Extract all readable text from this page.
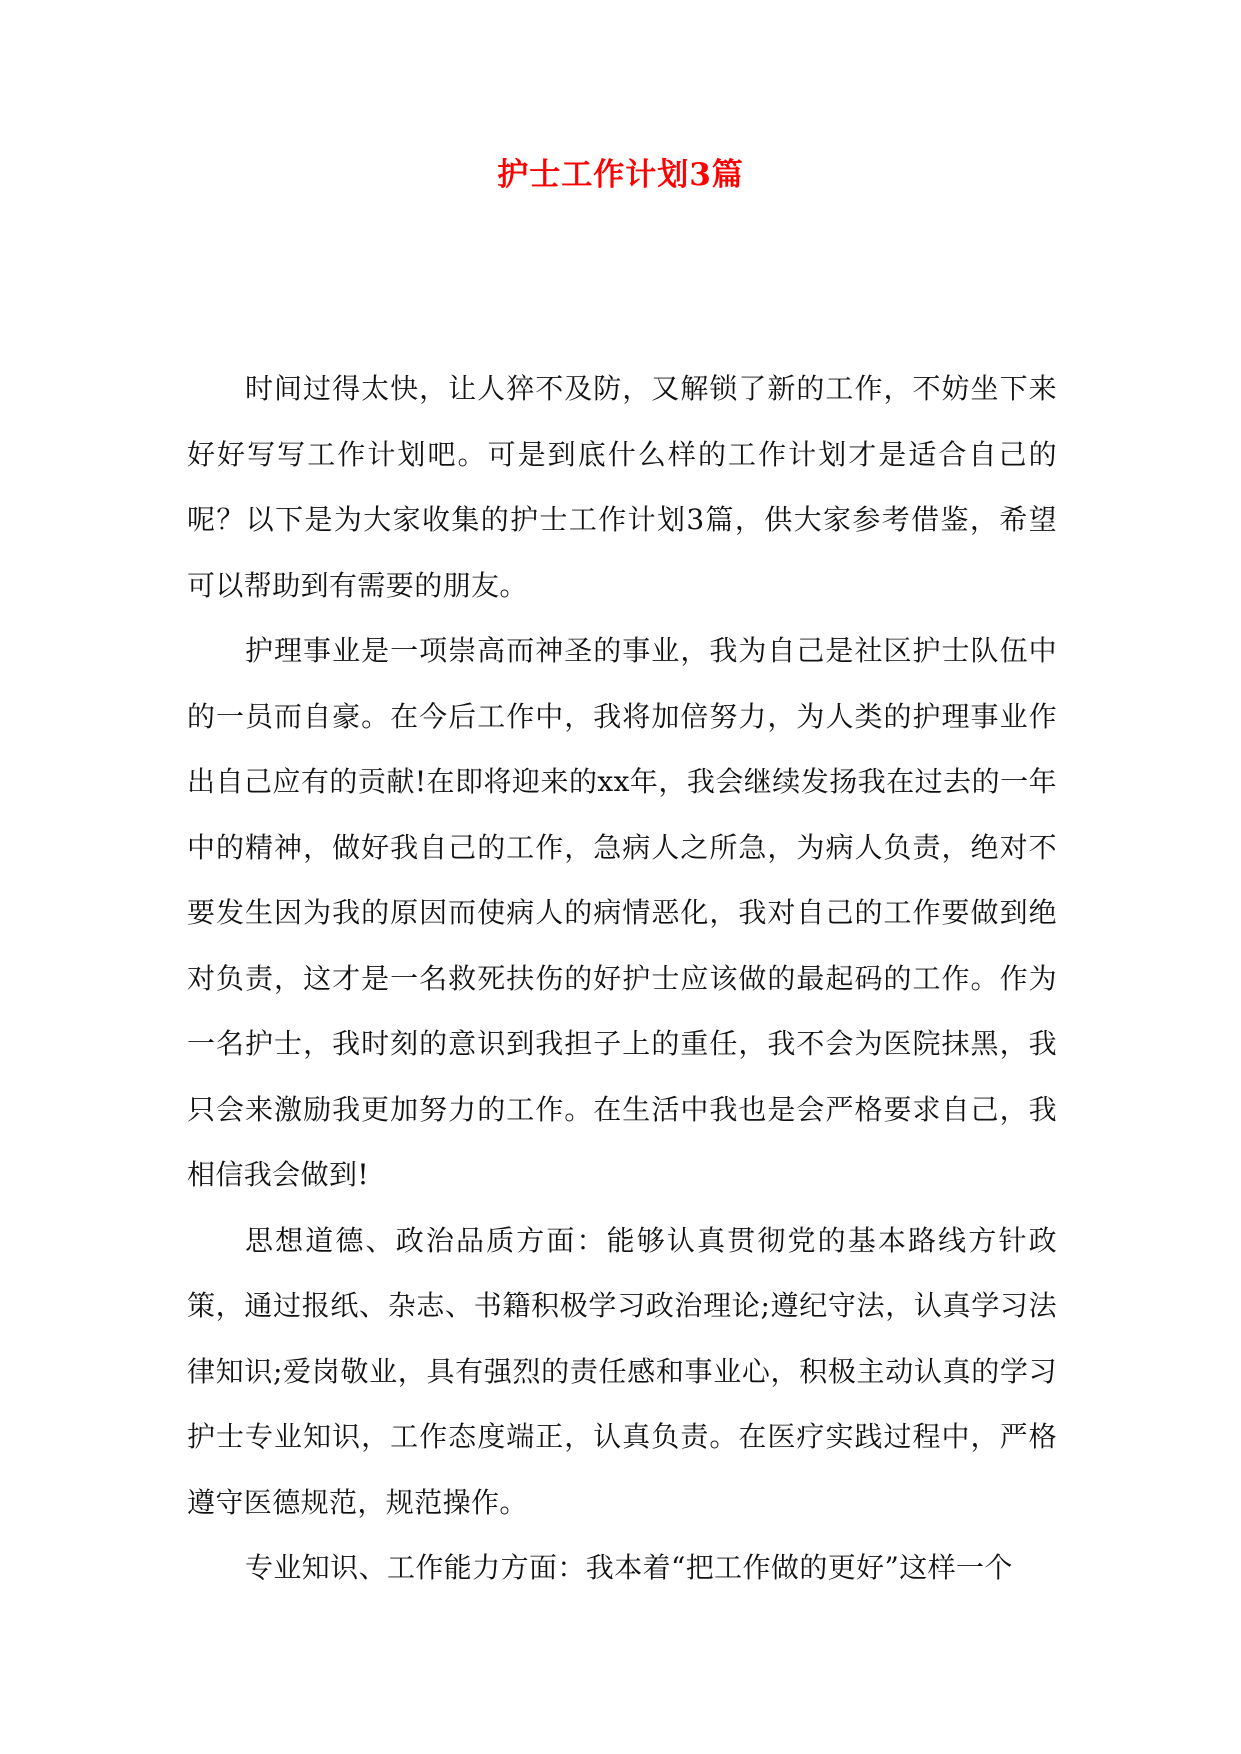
护士工作计划3篇

时间过得太快，让人猝不及防，又解锁了新的工作，不妨坐下来好好写写工作计划吧。可是到底什么样的工作计划才是适合自己的呢？以下是为大家收集的护士工作计划3篇，供大家参考借鉴，希望可以帮助到有需要的朋友。

护理事业是一项崇高而神圣的事业，我为自己是社区护士队伍中的一员而自豪。在今后工作中，我将加倍努力，为人类的护理事业作出自己应有的贡献!在即将迎来的xx年，我会继续发扬我在过去的一年中的精神，做好我自己的工作，急病人之所急，为病人负责，绝对不要发生因为我的原因而使病人的病情恶化，我对自己的工作要做到绝对负责，这才是一名救死扶伤的好护士应该做的最起码的工作。作为一名护士，我时刻的意识到我担子上的重任，我不会为医院抹黑，我只会来激励我更加努力的工作。在生活中我也是会严格要求自己，我相信我会做到!

思想道德、政治品质方面：能够认真贯彻党的基本路线方针政策，通过报纸、杂志、书籍积极学习政治理论;遵纪守法，认真学习法律知识;爱岗敬业，具有强烈的责任感和事业心，积极主动认真的学习护士专业知识，工作态度端正，认真负责。在医疗实践过程中，严格遵守医德规范，规范操作。

专业知识、工作能力方面：我本着“把工作做的更好”这样一个
